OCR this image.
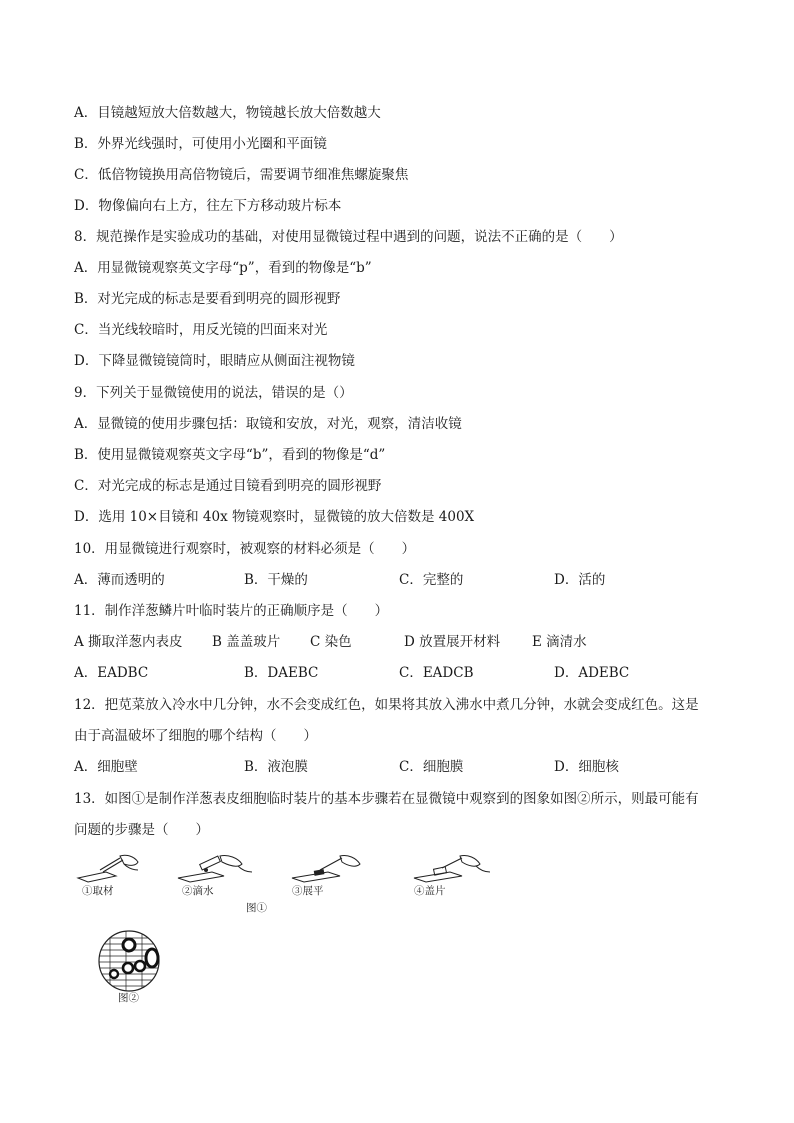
A．目镜越短放大倍数越大，物镜越长放大倍数越大
B．外界光线强时，可使用小光圈和平面镜
C．低倍物镜换用高倍物镜后，需要调节细准焦螺旋聚焦
D．物像偏向右上方，往左下方移动玻片标本
8．规范操作是实验成功的基础，对使用显微镜过程中遇到的问题，说法不正确的是（　　）
A．用显微镜观察英文字母“p”，看到的物像是“b”
B．对光完成的标志是要看到明亮的圆形视野
C．当光线较暗时，用反光镜的凹面来对光
D．下降显微镜镜筒时，眼睛应从侧面注视物镜
9．下列关于显微镜使用的说法，错误的是（）
A．显微镜的使用步骤包括：取镜和安放，对光，观察，清洁收镜
B．使用显微镜观察英文字母“b”，看到的物像是“d”
C．对光完成的标志是通过目镜看到明亮的圆形视野
D．选用 10×目镜和 40x 物镜观察时，显微镜的放大倍数是 400X
10．用显微镜进行观察时，被观察的材料必须是（　　）
A．薄而透明的	B．干燥的	C．完整的	D．活的
11．制作洋葱鳞片叶临时装片的正确顺序是（　　）
A 撕取洋葱内表皮 B 盖盖玻片 C 染色	D 放置展开材料 E 滴清水
A．EADBC	B．DAEBC	C．EADCB	D．ADEBC
12．把苋菜放入冷水中几分钟，水不会变成红色，如果将其放入沸水中煮几分钟，水就会变成红色。这是
由于高温破坏了细胞的哪个结构（　　）
A．细胞壁	B．液泡膜	C．细胞膜	D．细胞核
13．如图①是制作洋葱表皮细胞临时装片的基本步骤若在显微镜中观察到的图象如图②所示，则最可能有
问题的步骤是（　　）
①取材	②滴水	③展平	④盖片
图①
图②
